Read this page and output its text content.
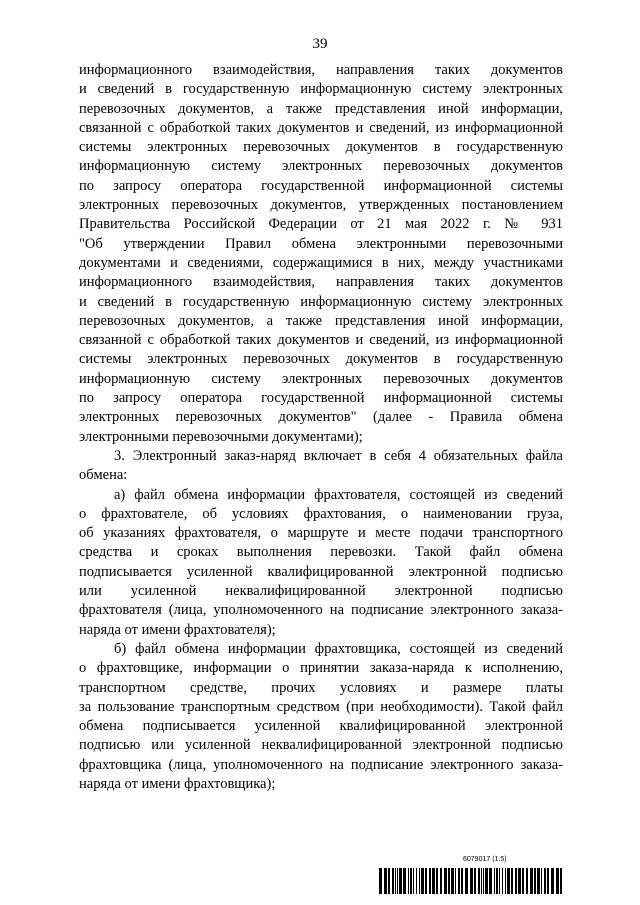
39
информационного взаимодействия, направления таких документов
и сведений в государственную информационную систему электронных
перевозочных документов, а также представления иной информации,
связанной с обработкой таких документов и сведений, из информационной
системы электронных перевозочных документов в государственную
информационную систему электронных перевозочных документов
по запросу оператора государственной информационной системы
электронных перевозочных документов, утвержденных постановлением
Правительства Российской Федерации от 21 мая 2022 г. № 931
"Об утверждении Правил обмена электронными перевозочными
документами и сведениями, содержащимися в них, между участниками
информационного взаимодействия, направления таких документов
и сведений в государственную информационную систему электронных
перевозочных документов, а также представления иной информации,
связанной с обработкой таких документов и сведений, из информационной
системы электронных перевозочных документов в государственную
информационную систему электронных перевозочных документов
по запросу оператора государственной информационной системы
электронных перевозочных документов" (далее - Правила обмена
электронными перевозочными документами);
3. Электронный заказ-наряд включает в себя 4 обязательных файла
обмена:
а) файл обмена информации фрахтователя, состоящей из сведений
о фрахтователе, об условиях фрахтования, о наименовании груза,
об указаниях фрахтователя, о маршруте и месте подачи транспортного
средства и сроках выполнения перевозки. Такой файл обмена
подписывается усиленной квалифицированной электронной подписью
или усиленной неквалифицированной электронной подписью
фрахтователя (лица, уполномоченного на подписание электронного заказа-
наряда от имени фрахтователя);
б) файл обмена информации фрахтовщика, состоящей из сведений
о фрахтовщике, информации о принятии заказа-наряда к исполнению,
транспортном средстве, прочих условиях и размере платы
за пользование транспортным средством (при необходимости). Такой файл
обмена подписывается усиленной квалифицированной электронной
подписью или усиленной неквалифицированной электронной подписью
фрахтовщика (лица, уполномоченного на подписание электронного заказа-
наряда от имени фрахтовщика);
6079017 (1.5)
